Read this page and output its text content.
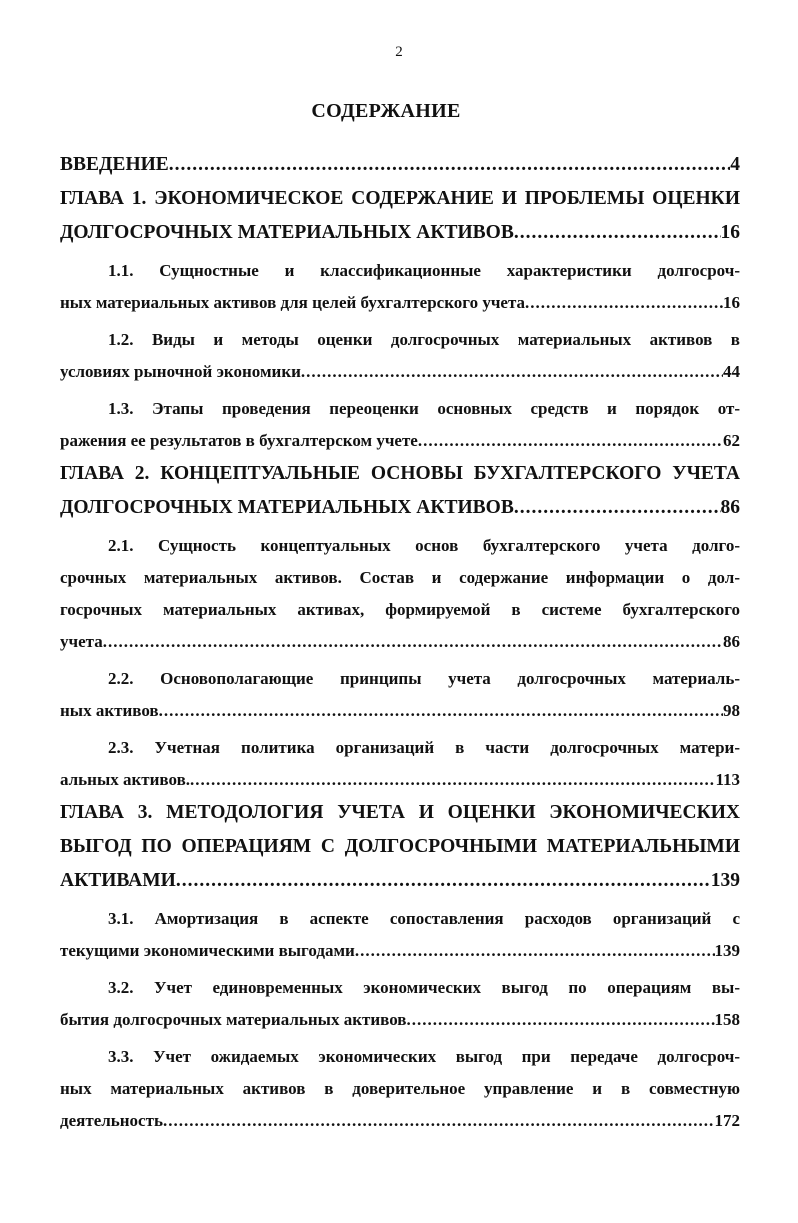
2
СОДЕРЖАНИЕ
ВВЕДЕНИЕ .....	4
ГЛАВА 1. ЭКОНОМИЧЕСКОЕ СОДЕРЖАНИЕ И ПРОБЛЕМЫ ОЦЕНКИ
ДОЛГОСРОЧНЫХ МАТЕРИАЛЬНЫХ АКТИВОВ .....	16
1.1. Сущностные и классификационные характеристики долгосроч-
ных материальных активов для целей бухгалтерского учета .....	16
1.2. Виды и методы оценки долгосрочных материальных активов в
условиях рыночной экономики .....	44
1.3. Этапы проведения переоценки основных средств и порядок от-
ражения ее результатов в бухгалтерском учете .....	62
ГЛАВА 2. КОНЦЕПТУАЛЬНЫЕ ОСНОВЫ БУХГАЛТЕРСКОГО УЧЕТА
ДОЛГОСРОЧНЫХ МАТЕРИАЛЬНЫХ АКТИВОВ .....	86
2.1. Сущность концептуальных основ бухгалтерского учета долго-
срочных материальных активов. Состав и содержание информации о дол-
госрочных материальных активах, формируемой в системе бухгалтерского
учета .....	86
2.2. Основополагающие принципы учета долгосрочных материаль-
ных активов .....	98
2.3. Учетная политика организаций в части долгосрочных матери-
альных активов. .....	113
ГЛАВА 3. МЕТОДОЛОГИЯ УЧЕТА И ОЦЕНКИ ЭКОНОМИЧЕСКИХ
ВЫГОД ПО ОПЕРАЦИЯМ С ДОЛГОСРОЧНЫМИ МАТЕРИАЛЬНЫМИ
АКТИВАМИ .....	139
3.1. Амортизация в аспекте сопоставления расходов организаций с
текущими экономическими выгодами .....	139
3.2. Учет единовременных экономических выгод по операциям вы-
бытия долгосрочных материальных активов .....	158
3.3. Учет ожидаемых экономических выгод при передаче долгосроч-
ных материальных активов в доверительное управление и в совместную
деятельность .....	172
